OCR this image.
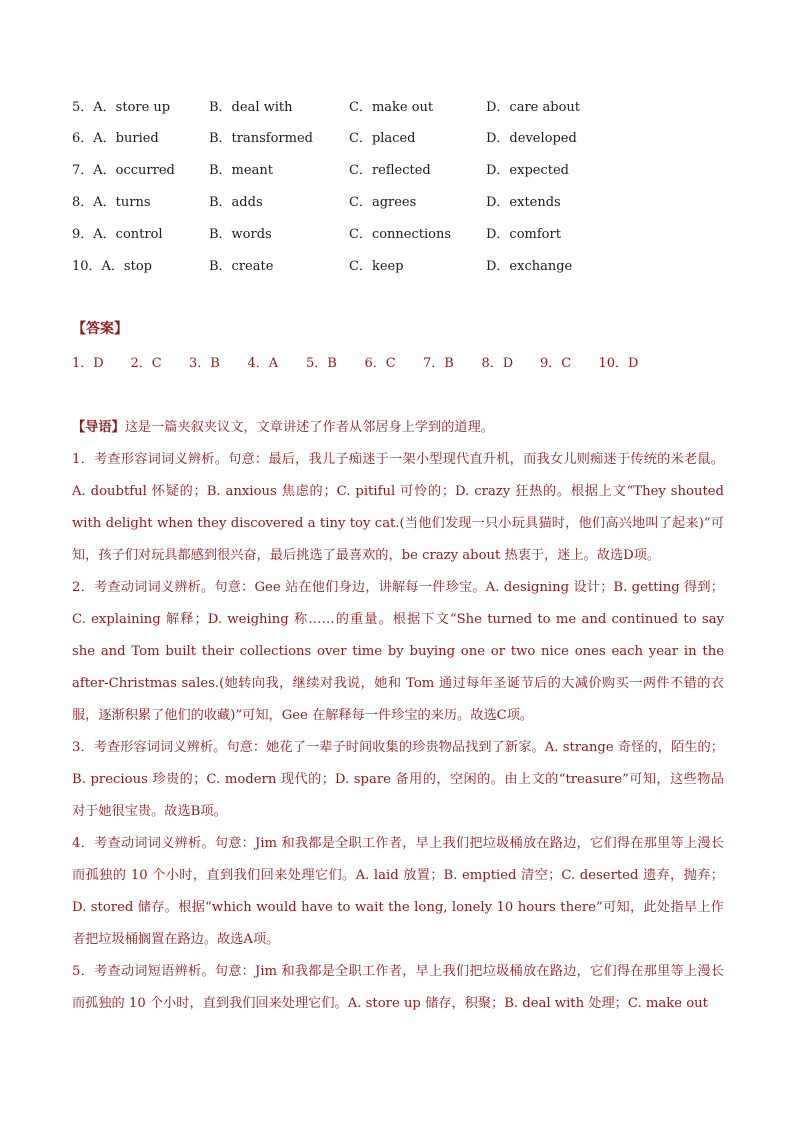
5．A．store up	B．deal with	C．make out	D．care about
6．A．buried	B．transformed	C．placed	D．developed
7．A．occurred	B．meant	C．reflected	D．expected
8．A．turns	B．adds	C．agrees	D．extends
9．A．control	B．words	C．connections	D．comfort
10．A．stop	B．create	C．keep	D．exchange
【答案】
1．D 2．C 3．B 4．A 5．B 6．C 7．B 8．D 9．C 10．D

【导语】这是一篇夹叙夹议文，文章讲述了作者从邻居身上学到的道理。

1．考查形容词词义辨析。句意：最后，我儿子痴迷于一架小型现代直升机，而我女儿则痴迷于传统的米老鼠。A. doubtful 怀疑的；B. anxious 焦虑的；C. pitiful 可怜的；D. crazy 狂热的。根据上文“They shouted with delight when they discovered a tiny toy cat.(当他们发现一只小玩具猫时，他们高兴地叫了起来)”可知，孩子们对玩具都感到很兴奋，最后挑选了最喜欢的，be crazy about 热衷于，迷上。故选D项。

2．考查动词词义辨析。句意：Gee 站在他们身边，讲解每一件珍宝。A. designing 设计；B. getting 得到；C. explaining 解释；D. weighing 称……的重量。根据下文“She turned to me and continued to say she and Tom built their collections over time by buying one or two nice ones each year in the after-Christmas sales.(她转向我，继续对我说，她和 Tom 通过每年圣诞节后的大减价购买一两件不错的衣服，逐渐积累了他们的收藏)”可知，Gee 在解释每一件珍宝的来历。故选C项。

3．考查形容词词义辨析。句意：她花了一辈子时间收集的珍贵物品找到了新家。A. strange 奇怪的，陌生的；B. precious 珍贵的；C. modern 现代的；D. spare 备用的，空闲的。由上文的“treasure”可知，这些物品对于她很宝贵。故选B项。

4．考查动词词义辨析。句意：Jim 和我都是全职工作者，早上我们把垃圾桶放在路边，它们得在那里等上漫长而孤独的 10 个小时，直到我们回来处理它们。A. laid 放置；B. emptied 清空；C. deserted 遗弃，抛弃；D. stored 储存。根据“which would have to wait the long, lonely 10 hours there”可知，此处指早上作者把垃圾桶搁置在路边。故选A项。

5．考查动词短语辨析。句意：Jim 和我都是全职工作者，早上我们把垃圾桶放在路边，它们得在那里等上漫长而孤独的 10 个小时，直到我们回来处理它们。A. store up 储存，积聚；B. deal with 处理；C. make out
